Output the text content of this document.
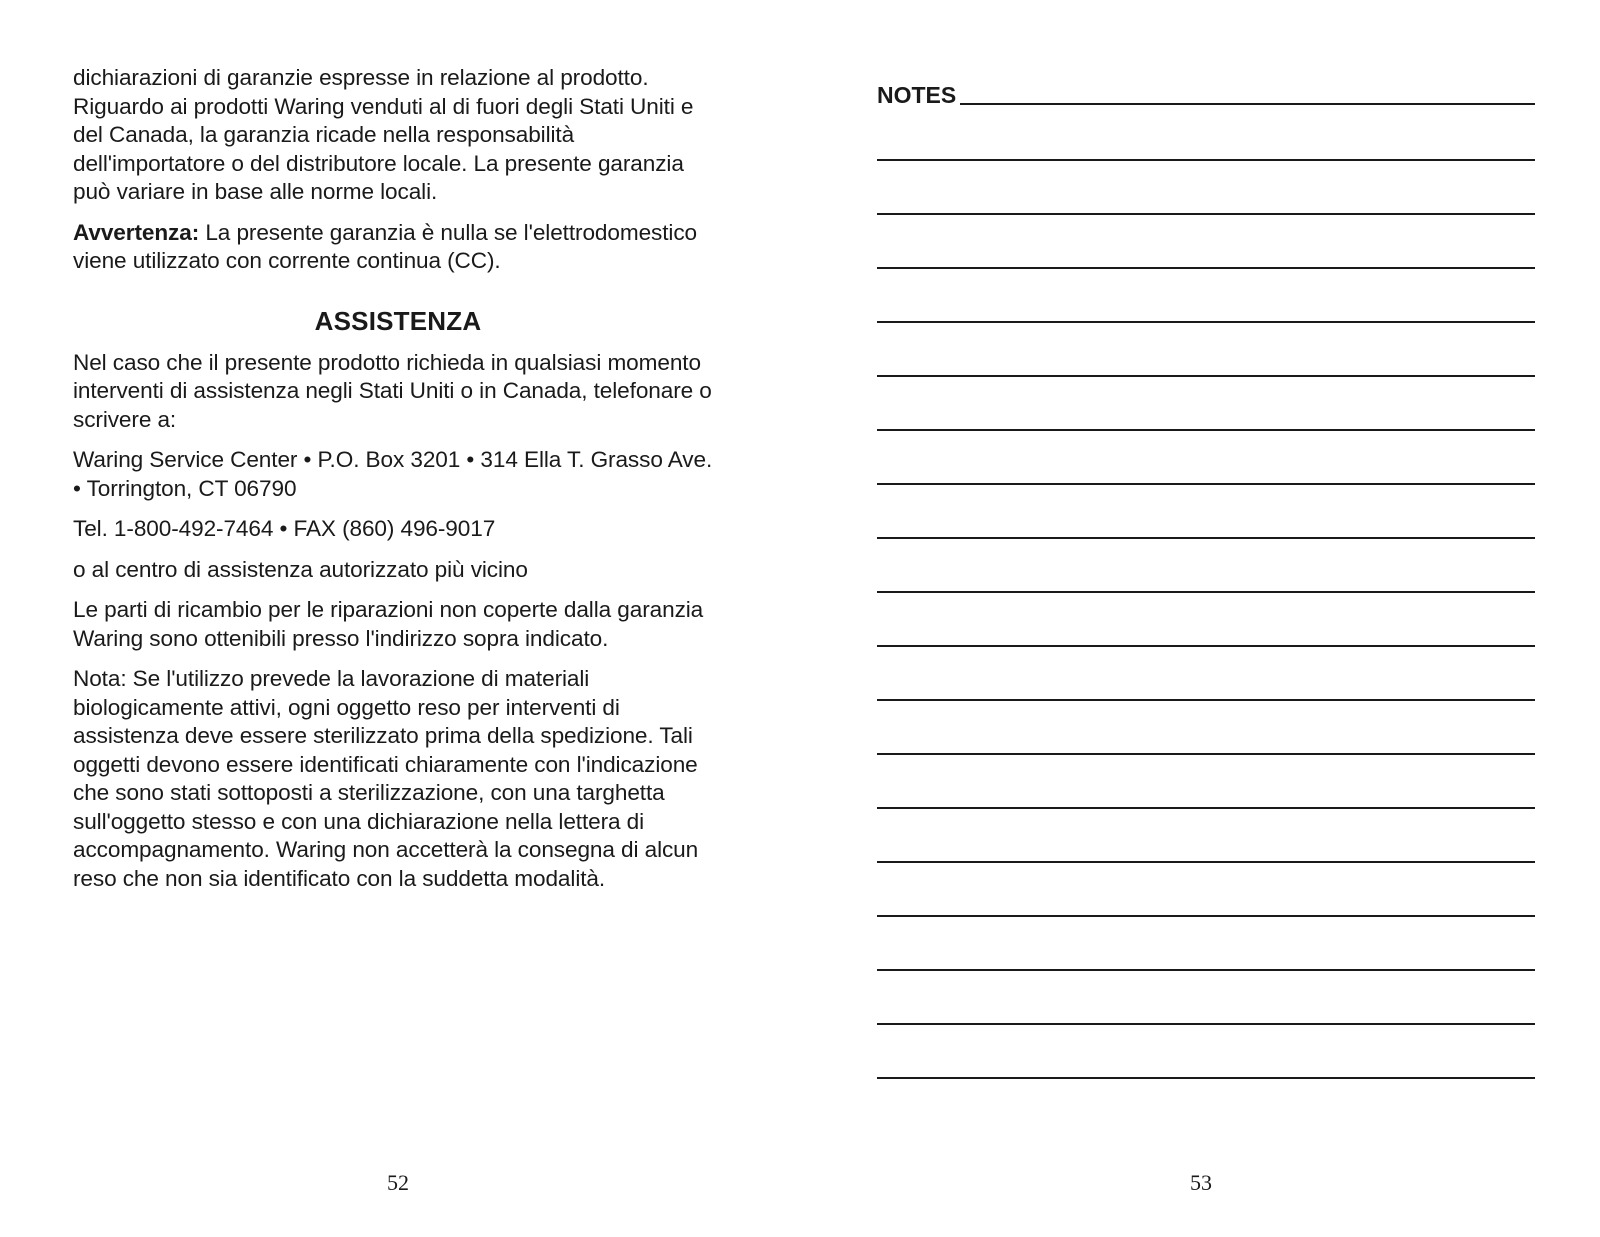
dichiarazioni di garanzie espresse in relazione al prodotto. Riguardo ai prodotti Waring venduti al di fuori degli Stati Uniti e del Canada, la garanzia ricade nella responsabilità dell'importatore o del distributore locale. La presente garanzia può variare in base alle norme locali.

Avvertenza: La presente garanzia è nulla se l'elettrodomestico viene utilizzato con corrente continua (CC).

ASSISTENZA

Nel caso che il presente prodotto richieda in qualsiasi momento interventi di assistenza negli Stati Uniti o in Canada, telefonare o scrivere a:

Waring Service Center • P.O. Box 3201 • 314 Ella T. Grasso Ave. • Torrington, CT 06790

Tel. 1-800-492-7464 • FAX (860) 496-9017

o al centro di assistenza autorizzato più vicino

Le parti di ricambio per le riparazioni non coperte dalla garanzia Waring sono ottenibili presso l'indirizzo sopra indicato.

Nota: Se l'utilizzo prevede la lavorazione di materiali biologicamente attivi, ogni oggetto reso per interventi di assistenza deve essere sterilizzato prima della spedizione. Tali oggetti devono essere identificati chiaramente con l'indicazione che sono stati sottoposti a sterilizzazione, con una targhetta sull'oggetto stesso e con una dichiarazione nella lettera di accompagnamento. Waring non accetterà la consegna di alcun reso che non sia identificato con la suddetta modalità.

52
NOTES
53
